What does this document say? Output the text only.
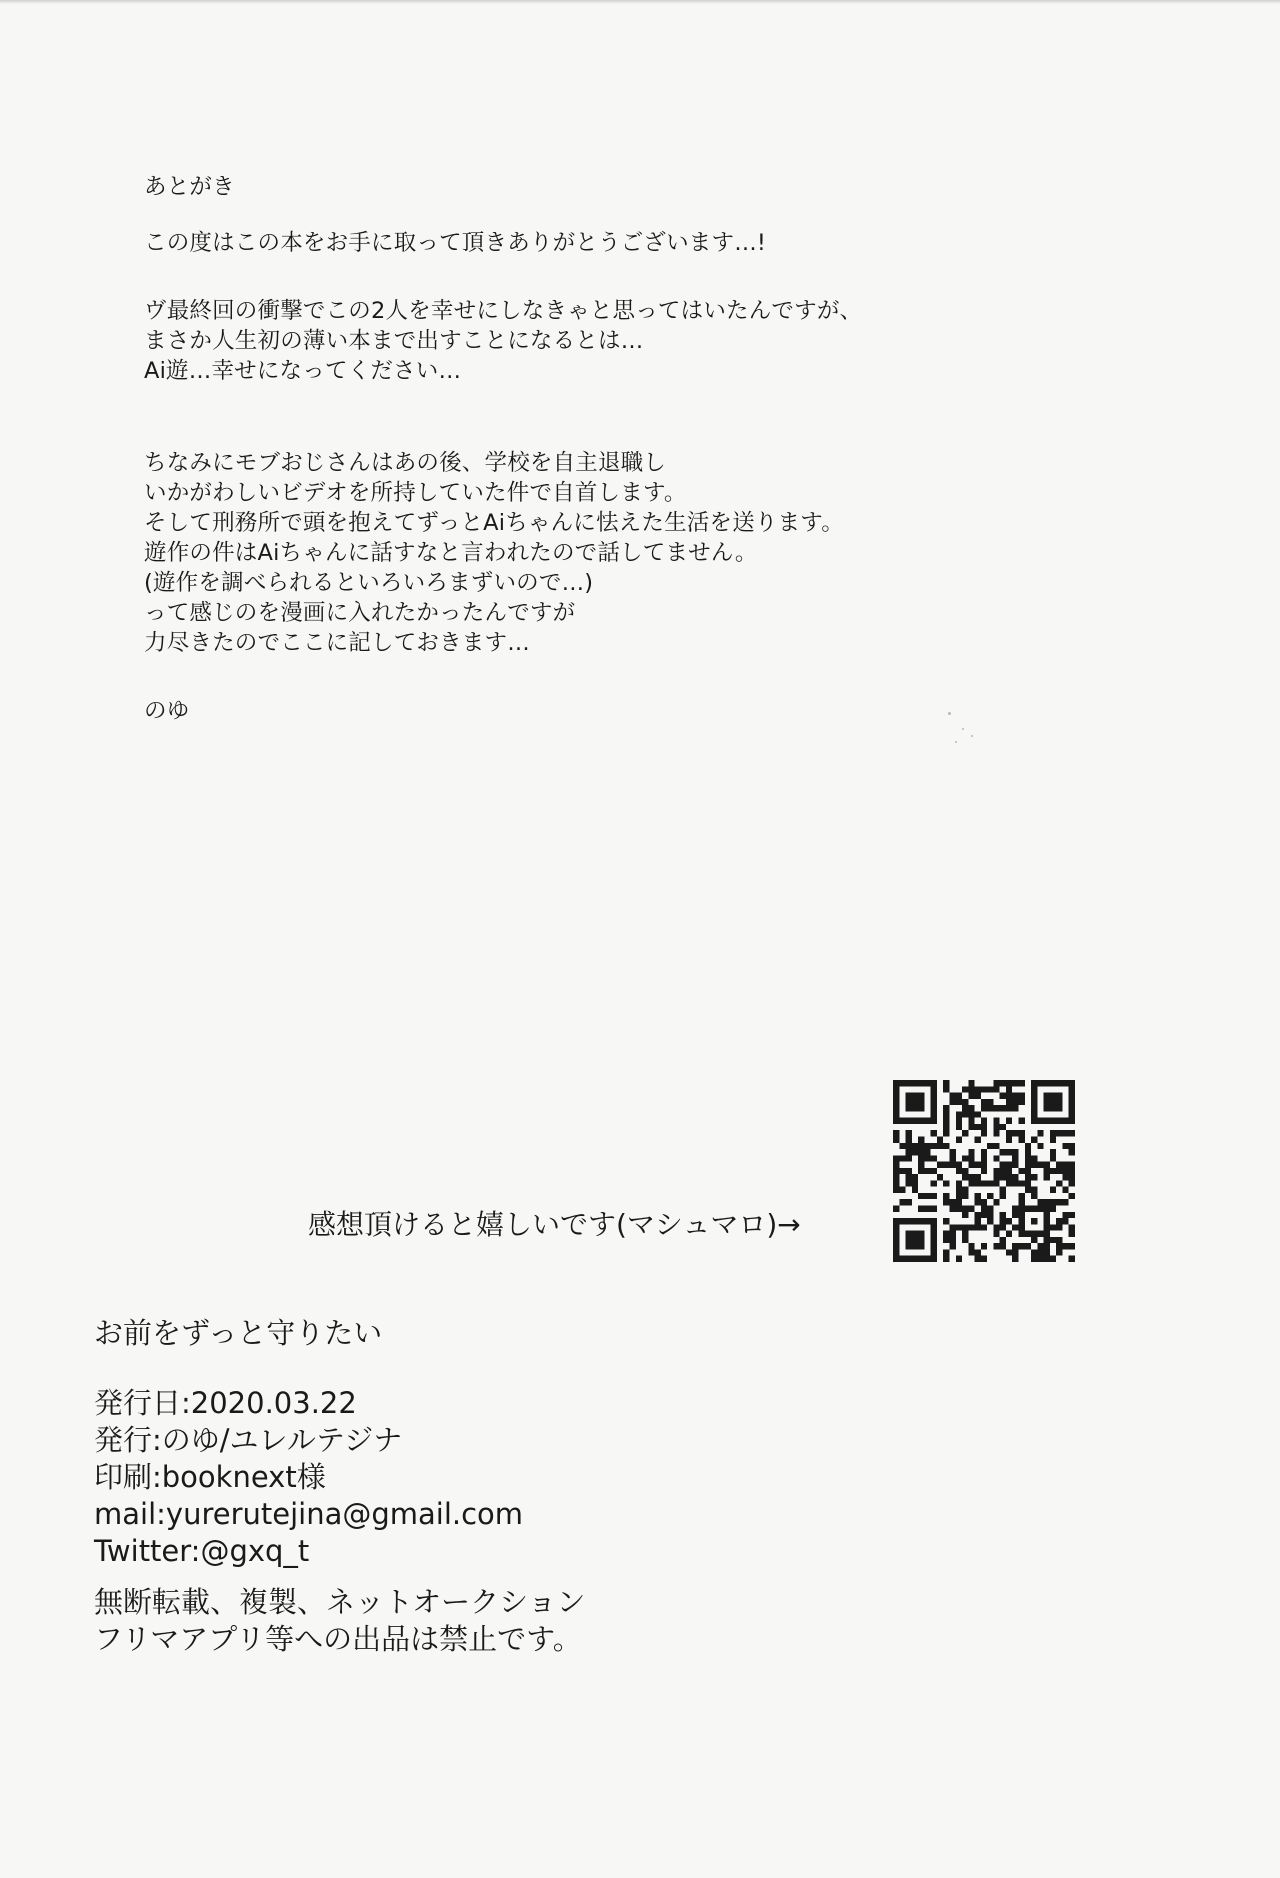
あとがき
この度はこの本をお手に取って頂きありがとうございます…!
ヴ最終回の衝撃でこの2人を幸せにしなきゃと思ってはいたんですが、
まさか人生初の薄い本まで出すことになるとは…
Ai遊…幸せになってください…
ちなみにモブおじさんはあの後、学校を自主退職し
いかがわしいビデオを所持していた件で自首します。
そして刑務所で頭を抱えてずっとAiちゃんに怯えた生活を送ります。
遊作の件はAiちゃんに話すなと言われたので話してません。
(遊作を調べられるといろいろまずいので…)
って感じのを漫画に入れたかったんですが
力尽きたのでここに記しておきます…
のゆ
感想頂けると嬉しいです(マシュマロ)→
お前をずっと守りたい
発行日:2020.03.22
発行:のゆ/ユレルテジナ
印刷:booknext様
mail:yurerutejina@gmail.com
Twitter:@gxq_t
無断転載、複製、ネットオークション
フリマアプリ等への出品は禁止です。
